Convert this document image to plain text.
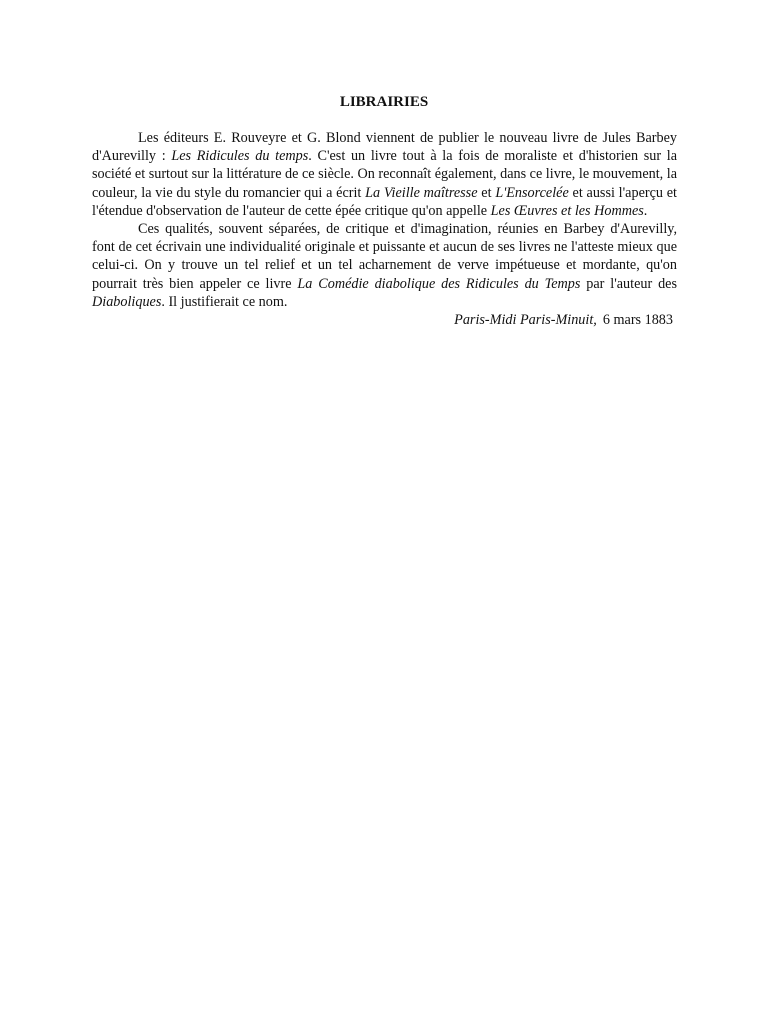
LIBRAIRIES

Les éditeurs E. Rouveyre et G. Blond viennent de publier le nouveau livre de Jules Barbey d'Aurevilly : Les Ridicules du temps. C'est un livre tout à la fois de moraliste et d'historien sur la société et surtout sur la littérature de ce siècle. On reconnaît également, dans ce livre, le mouvement, la couleur, la vie du style du romancier qui a écrit La Vieille maîtresse et L'Ensorcelée et aussi l'aperçu et l'étendue d'observation de l'auteur de cette épée critique qu'on appelle Les Œuvres et les Hommes.

Ces qualités, souvent séparées, de critique et d'imagination, réunies en Barbey d'Aurevilly, font de cet écrivain une individualité originale et puissante et aucun de ses livres ne l'atteste mieux que celui-ci. On y trouve un tel relief et un tel acharnement de verve impétueuse et mordante, qu'on pourrait très bien appeler ce livre La Comédie diabolique des Ridicules du Temps par l'auteur des Diaboliques. Il justifierait ce nom.

Paris-Midi Paris-Minuit, 6 mars 1883
